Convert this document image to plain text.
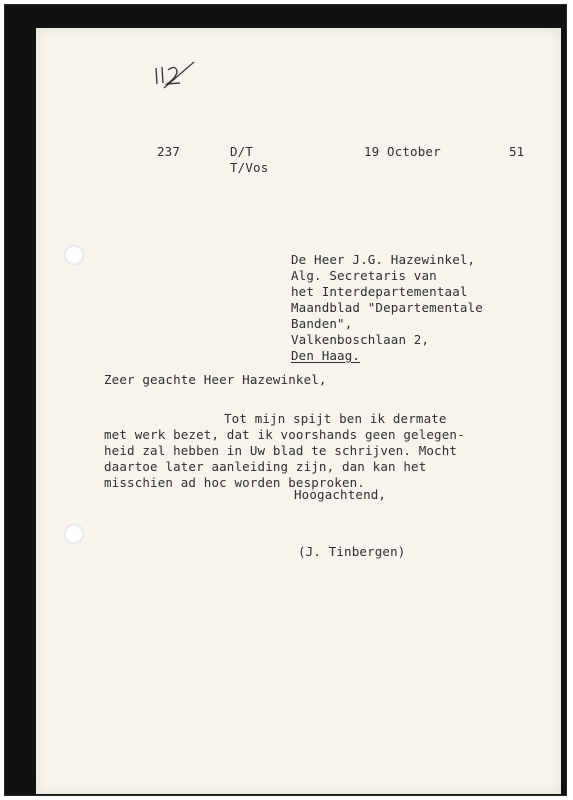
237	D/T
T/Vos
19 October	51
De Heer J.G. Hazewinkel,
Alg. Secretaris van
het Interdepartementaal
Maandblad "Departementale
Banden",
Valkenboschlaan 2,
Den Haag.
Zeer geachte Heer Hazewinkel,
Tot mijn spijt ben ik dermate
met werk bezet, dat ik voorshands geen gelegen-
heid zal hebben in Uw blad te schrijven. Mocht
daartoe later aanleiding zijn, dan kan het
misschien ad hoc worden besproken.
Hoogachtend,
(J. Tinbergen)
